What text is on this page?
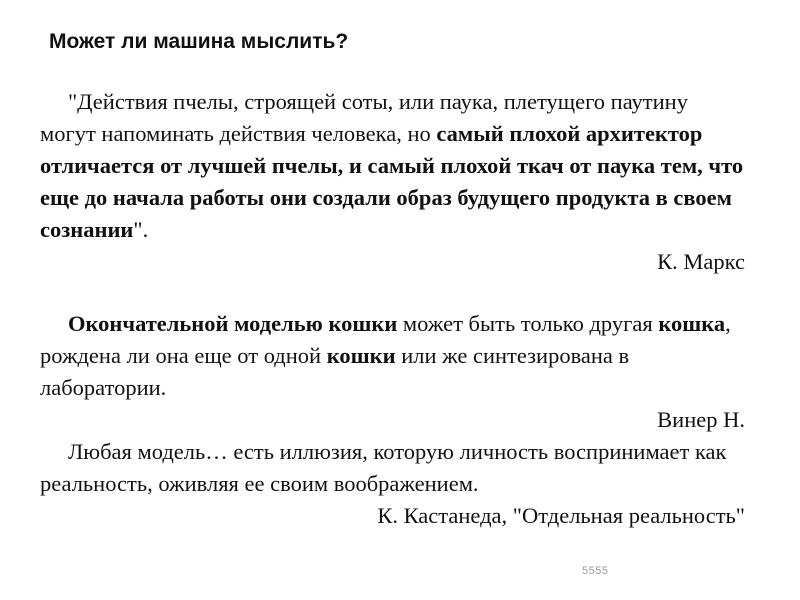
Может ли машина мыслить?

"Действия пчелы, строящей соты, или паука, плетущего паутину могут напоминать действия человека, но самый плохой архитектор отличается от лучшей пчелы, и самый плохой ткач от паука тем, что еще до начала работы они создали образ будущего продукта в своем сознании".

К. Маркс

Окончательной моделью кошки может быть только другая кошка, рождена ли она еще от одной кошки или же синтезирована в лаборатории.

Винер Н.

Любая модель… есть иллюзия, которую личность воспринимает как реальность, оживляя ее своим воображением.

К. Кастанеда, "Отдельная реальность"

5555
